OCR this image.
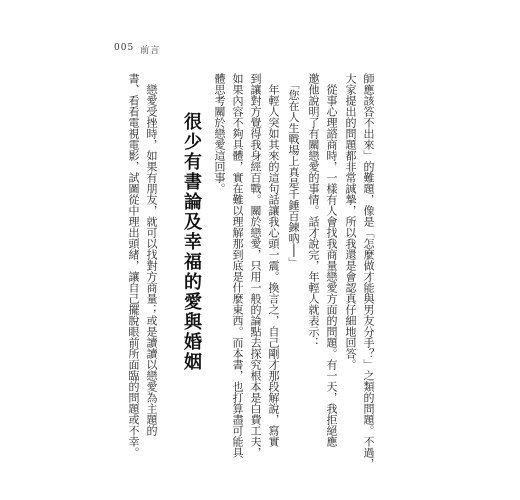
005 前言
師應該答不出來」的難題，像是「怎麼做才能與男友分手？」之類的問題。不過，
大家提出的問題都非常誠摯，所以我還是會認真仔細地回答。
　從事心理諮商時，一樣有人會找我商量戀愛方面的問題。有一天，我拒絕應
邀他說明了有關戀愛的事情。話才說完，年輕人就表示：
　「您在人生戰場上真是千錘百鍊吶──」
　年輕人突如其來的這句話讓我心頭一震。換言之，自己剛才那段解說，寫實
到讓對方覺得我身經百戰。關於戀愛，只用一般的論點去探究根本是白費工夫，
如果內容不夠具體，實在難以理解那到底是什麼東西。而本書，也打算盡可能具
體思考關於戀愛這回事。
很少有書論及幸福的愛與婚姻
　戀愛受挫時，如果有朋友，就可以找對方商量；或是讀讀以戀愛為主題的
書、看看電視電影，試圖從中理出頭緒，讓自己擺脫眼前所面臨的問題或不幸。
